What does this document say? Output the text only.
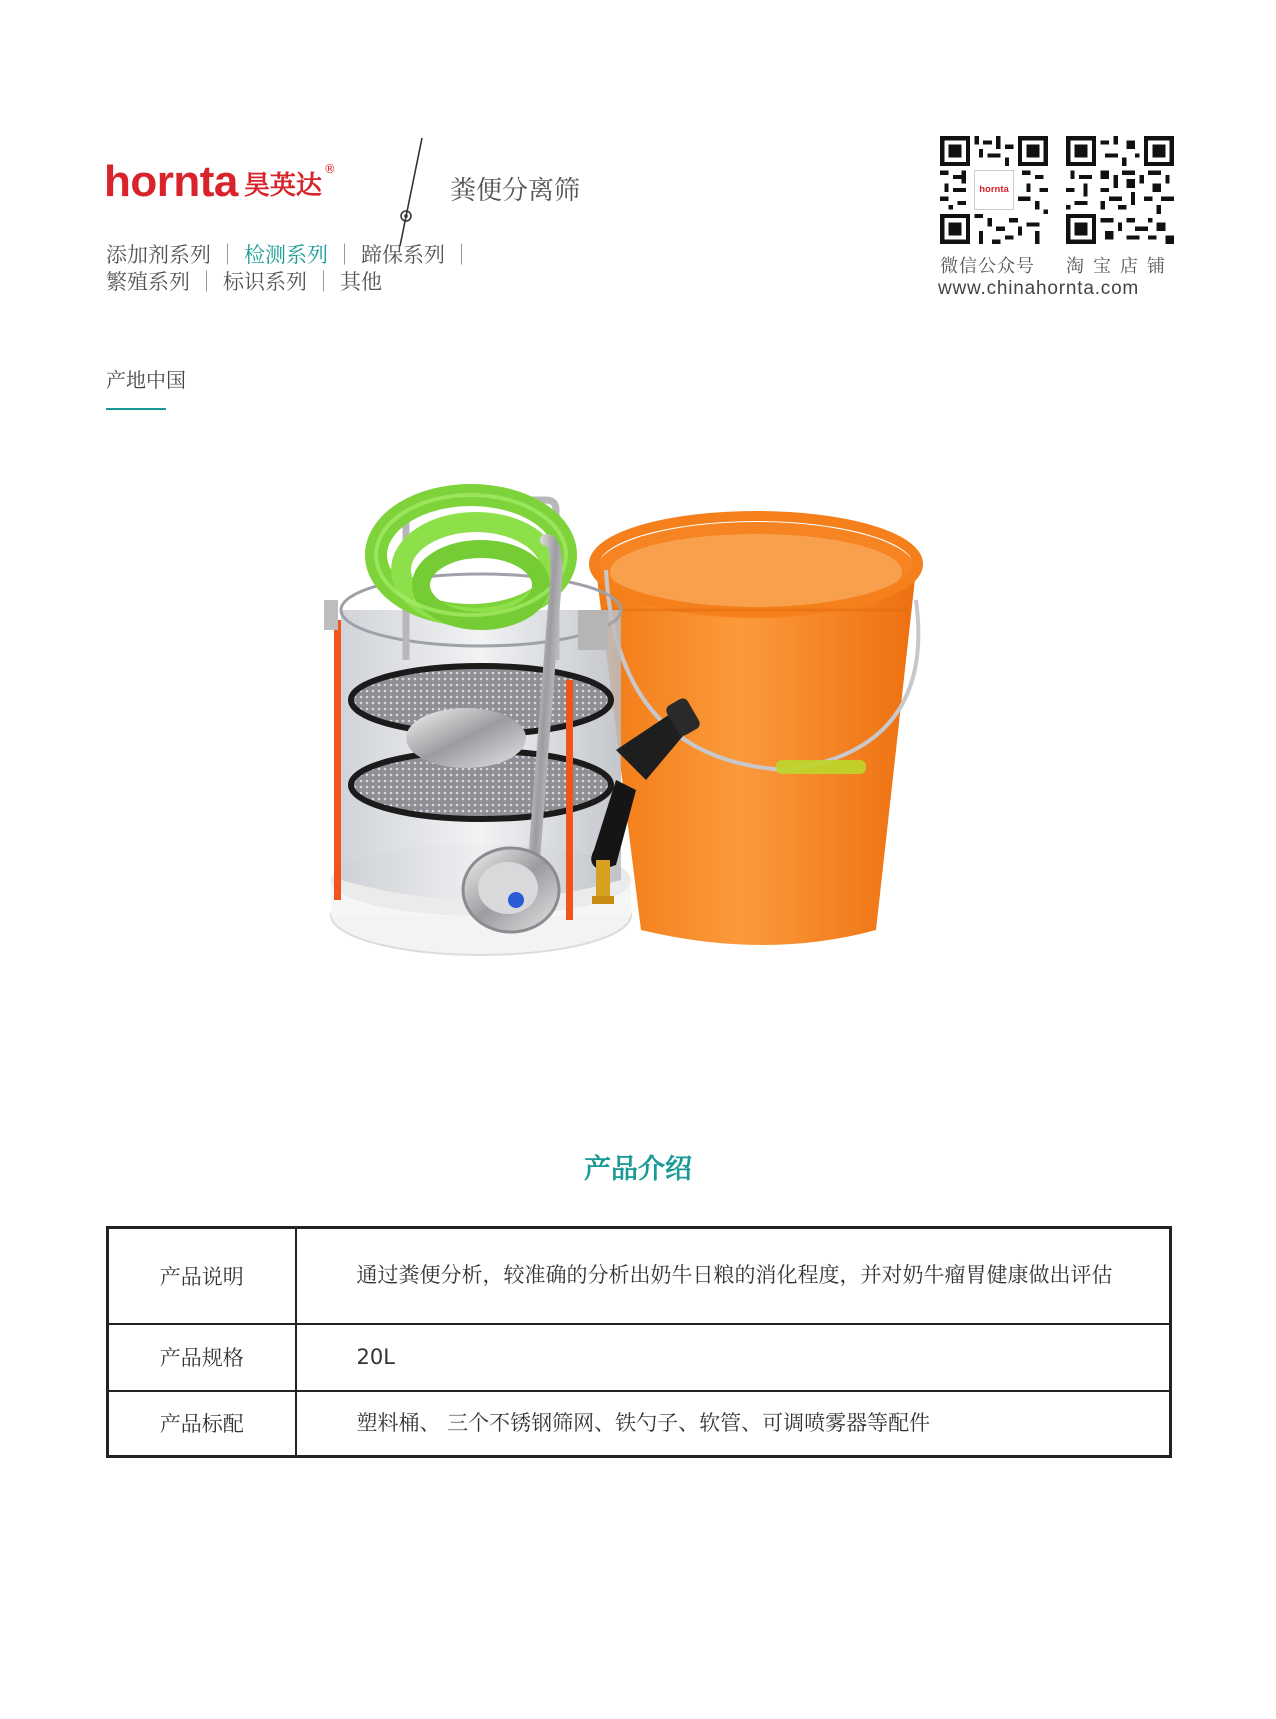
hornta 昊英达
®
粪便分离筛
添加剂系列 ｜ 检测系列 ｜ 蹄保系列 ｜
繁殖系列 ｜ 标识系列 ｜ 其他
hornta
微信公众号 淘宝店铺
www.chinahornta.com
产地中国
产品介绍
产品说明	通过粪便分析，较准确的分析出奶牛日粮的消化程度，并对奶牛瘤胃健康做出评估
产品规格	20L
产品标配	塑料桶、 三个不锈钢筛网、铁勺子、软管、可调喷雾器等配件
